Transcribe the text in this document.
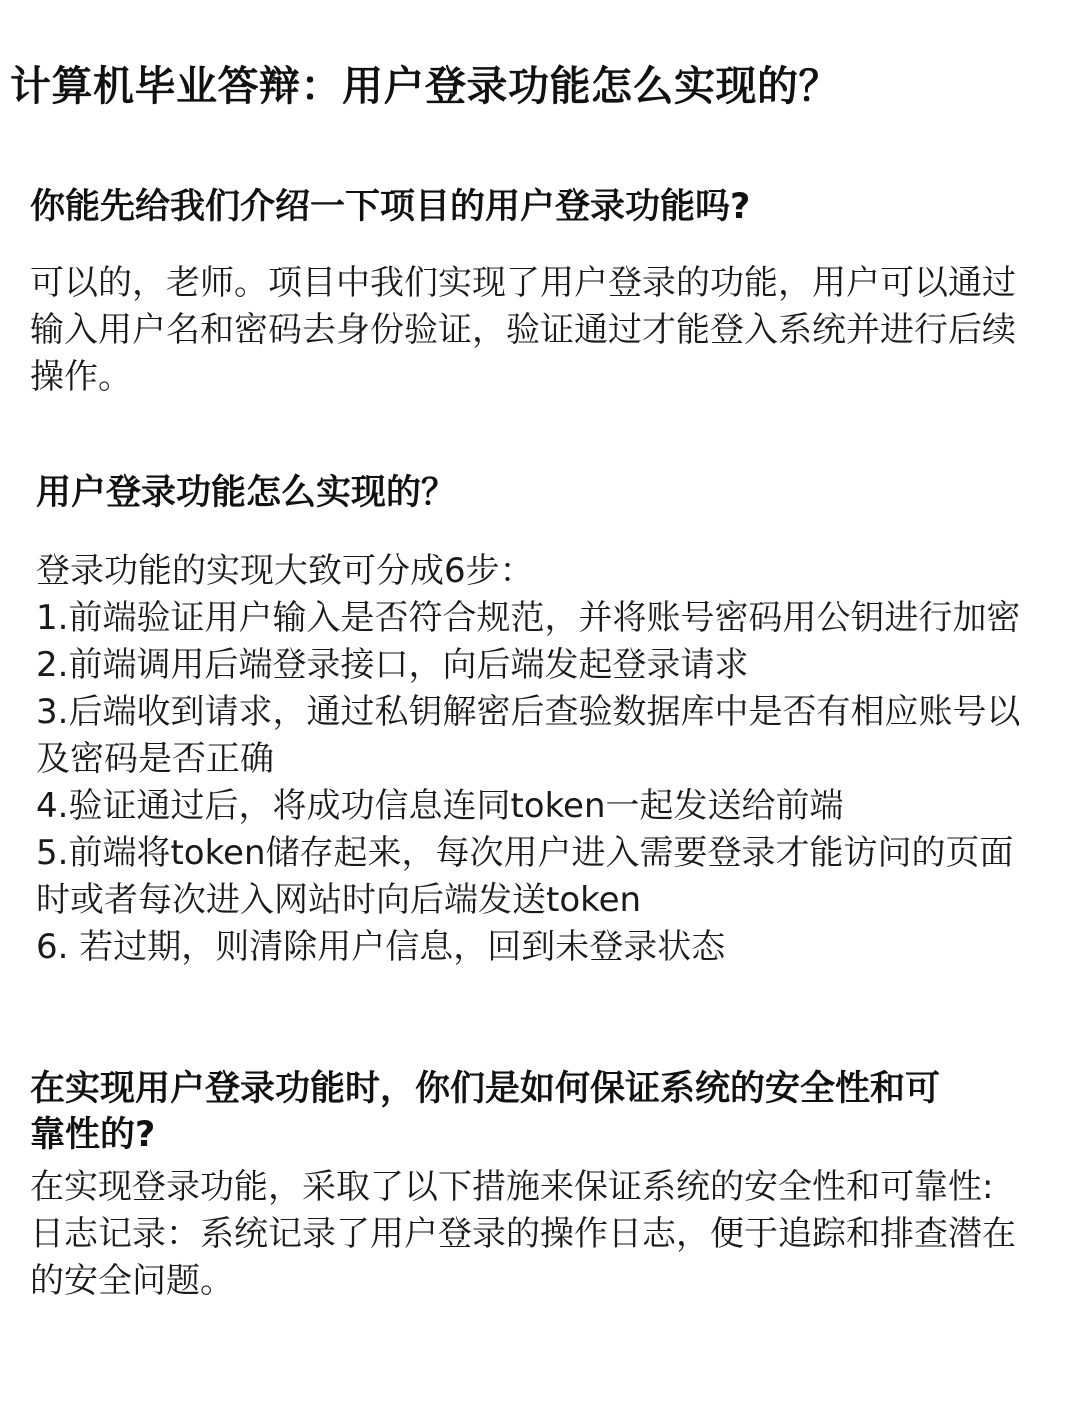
计算机毕业答辩：用户登录功能怎么实现的？
你能先给我们介绍一下项目的用户登录功能吗?

可以的，老师。项目中我们实现了用户登录的功能，用户可以通过输入用户名和密码去身份验证，验证通过才能登入系统并进行后续操作。

用户登录功能怎么实现的？

登录功能的实现大致可分成6步：

1.前端验证用户输入是否符合规范，并将账号密码用公钥进行加密

2.前端调用后端登录接口，向后端发起登录请求

3.后端收到请求，通过私钥解密后查验数据库中是否有相应账号以及密码是否正确

4.验证通过后，将成功信息连同token一起发送给前端

5.前端将token储存起来，每次用户进入需要登录才能访问的页面时或者每次进入网站时向后端发送token

6. 若过期，则清除用户信息，回到未登录状态

在实现用户登录功能时，你们是如何保证系统的安全性和可靠性的?

在实现登录功能，采取了以下措施来保证系统的安全性和可靠性:

日志记录：系统记录了用户登录的操作日志，便于追踪和排查潜在的安全问题。
